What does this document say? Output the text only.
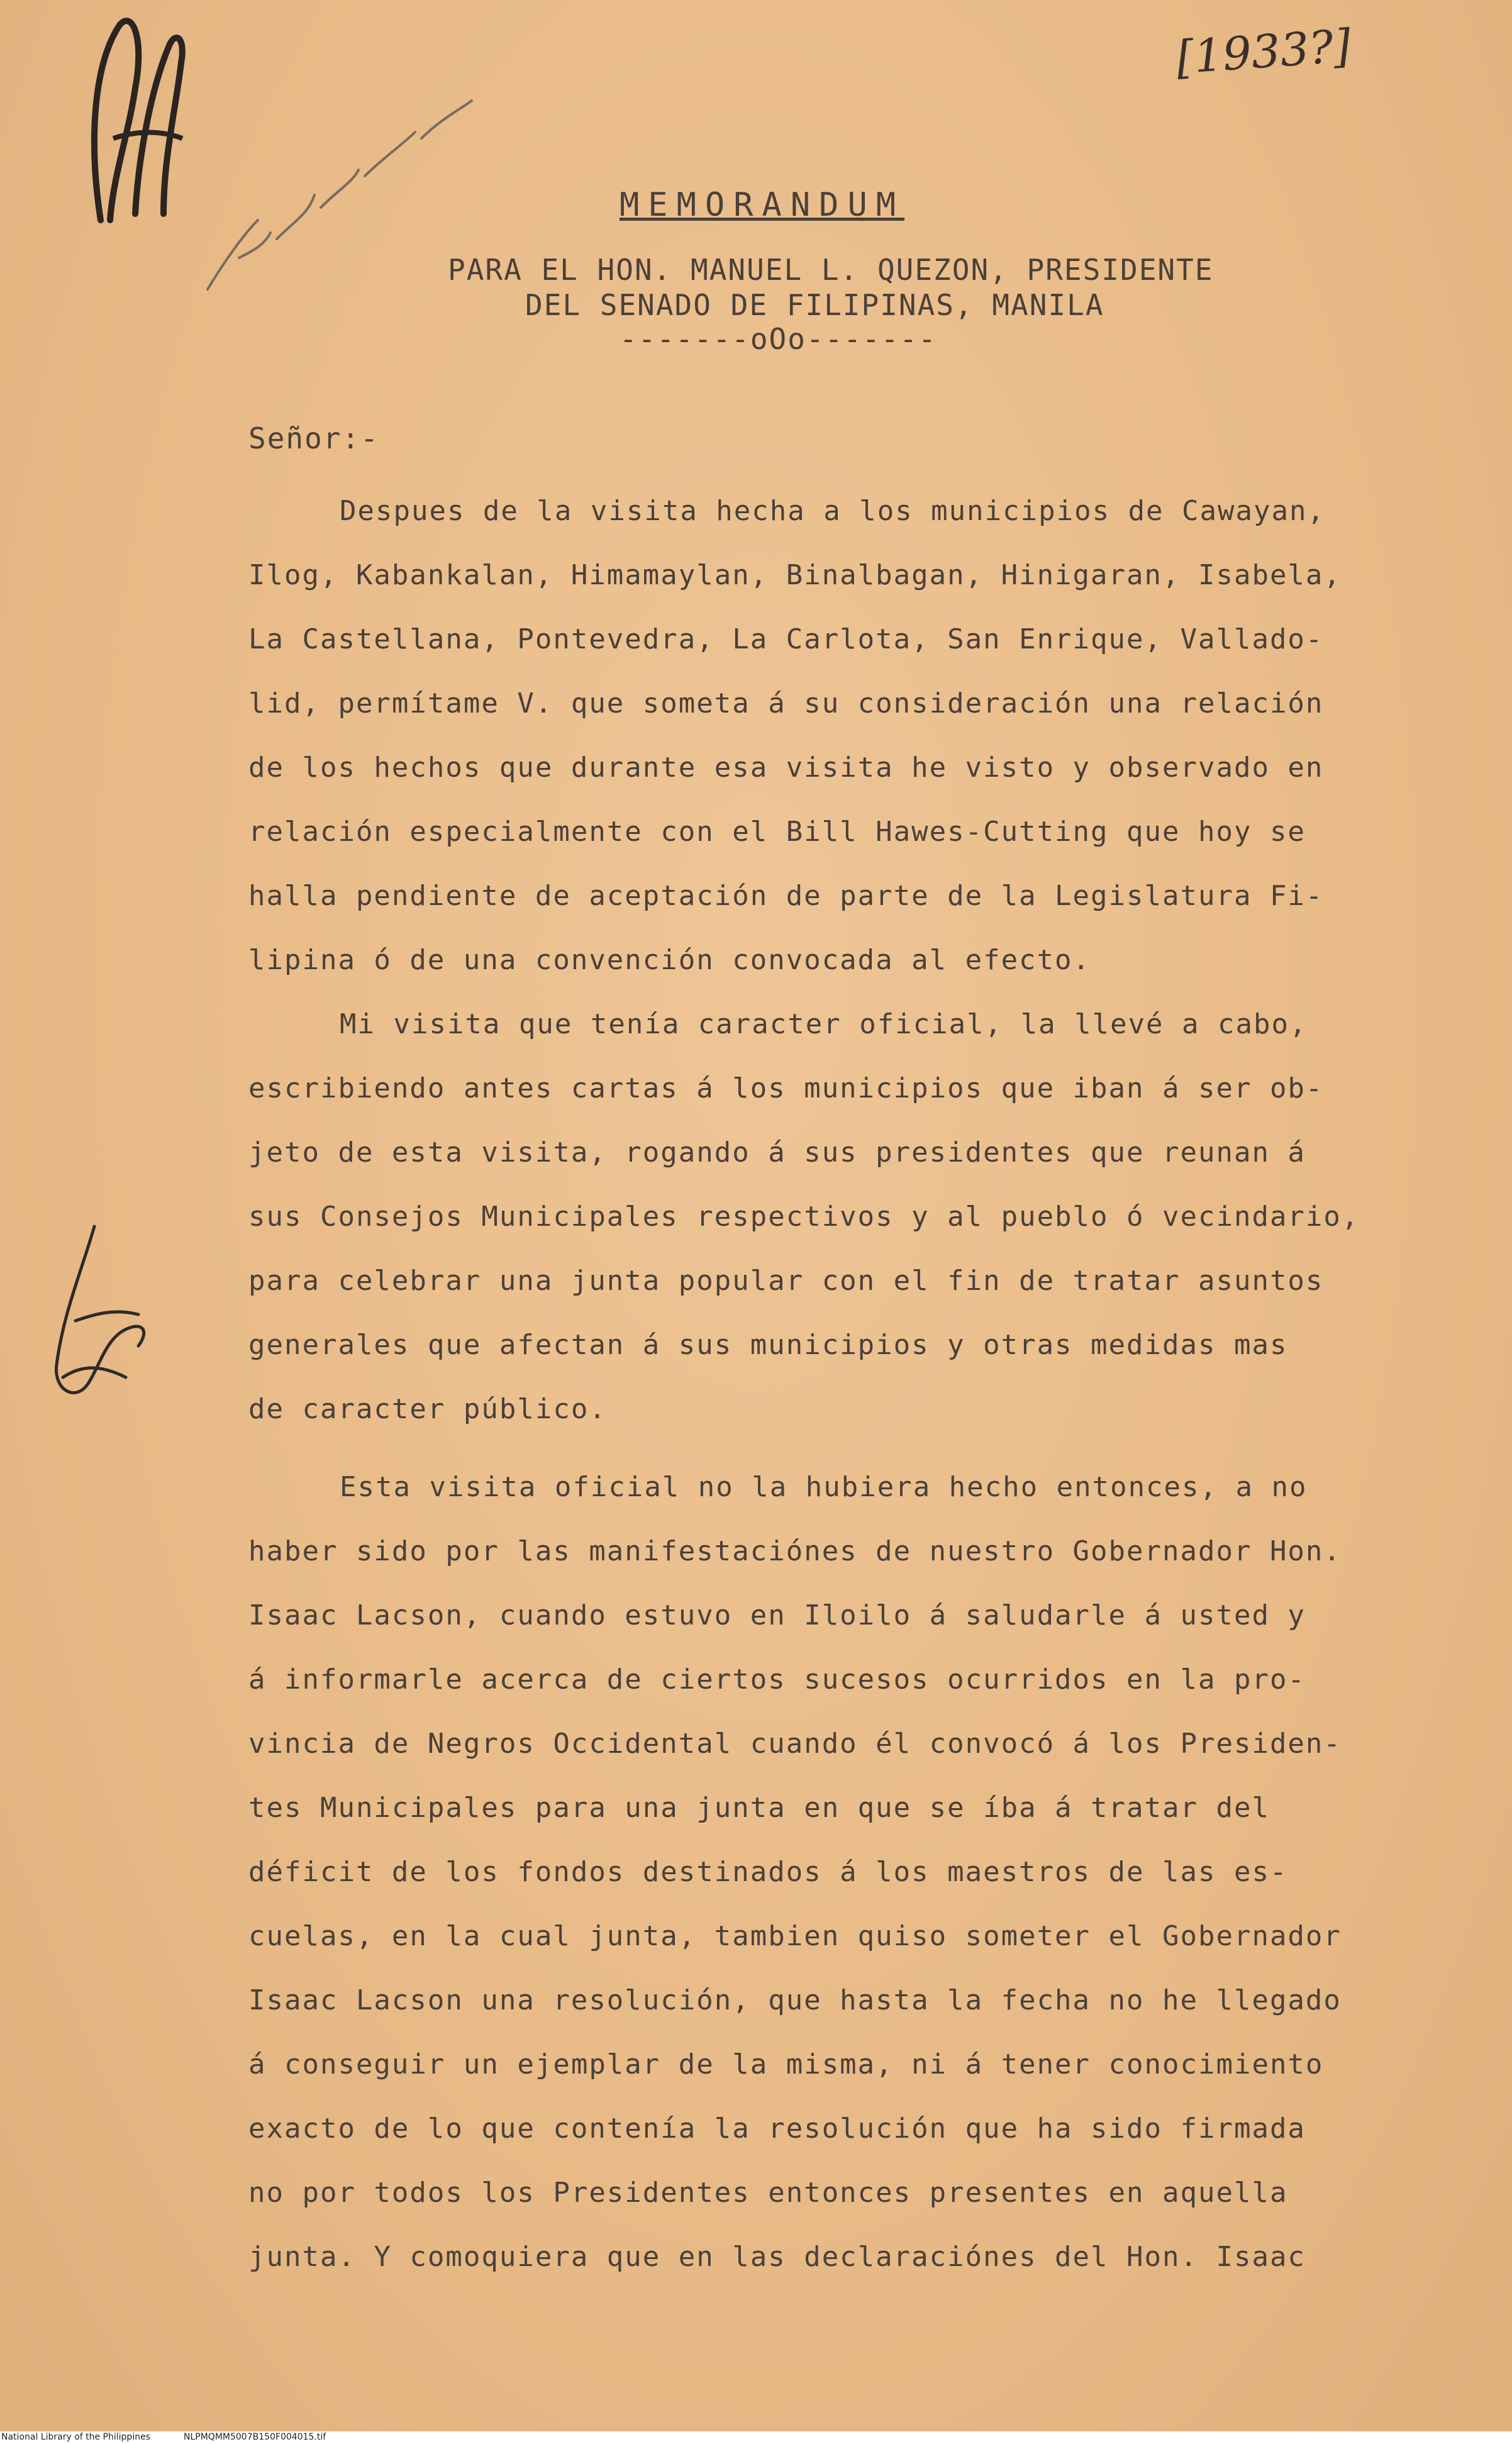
[1933?]
MEMORANDUM
PARA EL HON. MANUEL L. QUEZON, PRESIDENTE
DEL SENADO DE FILIPINAS, MANILA
-------oOo-------
Señor:-
Despues de la visita hecha a los municipios de Cawayan,
Ilog, Kabankalan, Himamaylan, Binalbagan, Hinigaran, Isabela,
La Castellana, Pontevedra, La Carlota, San Enrique, Vallado-
lid, permítame V. que someta á su consideración una relación
de los hechos que durante esa visita he visto y observado en
relación especialmente con el Bill Hawes-Cutting que hoy se
halla pendiente de aceptación de parte de la Legislatura Fi-
lipina ó de una convención convocada al efecto.
Mi visita que tenía caracter oficial, la llevé a cabo,
escribiendo antes cartas á los municipios que iban á ser ob-
jeto de esta visita, rogando á sus presidentes que reunan á
sus Consejos Municipales respectivos y al pueblo ó vecindario,
para celebrar una junta popular con el fin de tratar asuntos
generales que afectan á sus municipios y otras medidas mas
de caracter público.
Esta visita oficial no la hubiera hecho entonces, a no
haber sido por las manifestaciónes de nuestro Gobernador Hon.
Isaac Lacson, cuando estuvo en Iloilo á saludarle á usted y
á informarle acerca de ciertos sucesos ocurridos en la pro-
vincia de Negros Occidental cuando él convocó á los Presiden-
tes Municipales para una junta en que se íba á tratar del
déficit de los fondos destinados á los maestros de las es-
cuelas, en la cual junta, tambien quiso someter el Gobernador
Isaac Lacson una resolución, que hasta la fecha no he llegado
á conseguir un ejemplar de la misma, ni á tener conocimiento
exacto de lo que contenía la resolución que ha sido firmada
no por todos los Presidentes entonces presentes en aquella
junta. Y comoquiera que en las declaraciónes del Hon. Isaac
National Library of the Philippines	NLPMQMM5007B150F004015.tif
